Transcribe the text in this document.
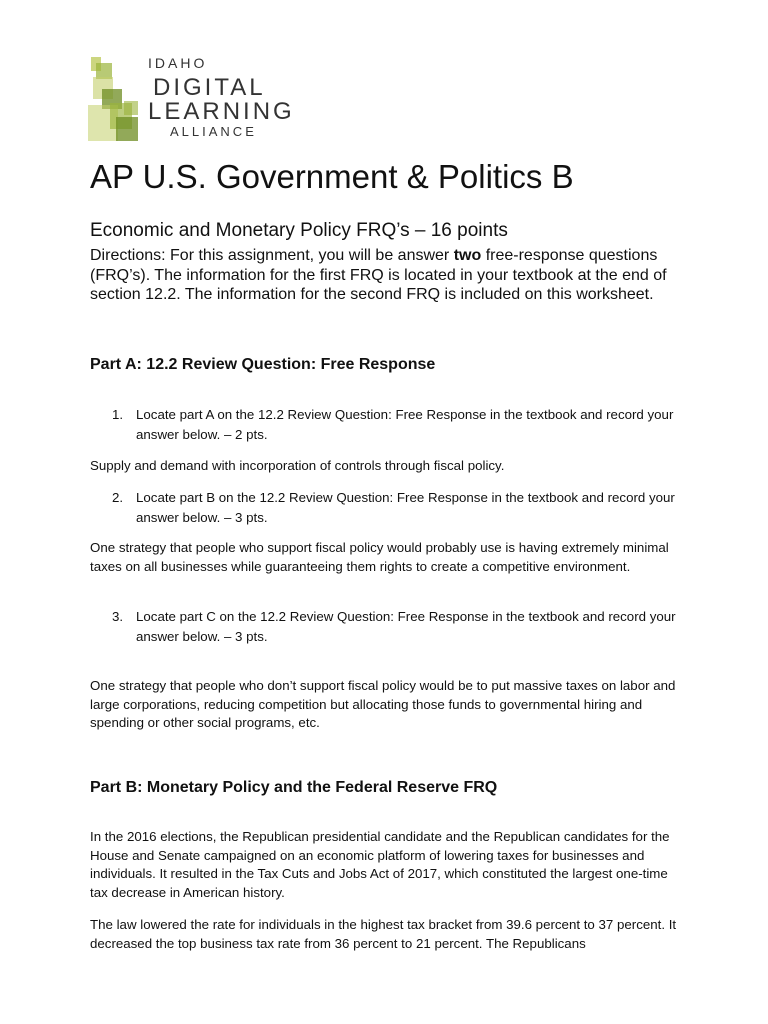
IDAHO
DIGITAL
LEARNING
ALLIANCE
AP U.S. Government & Politics B
Economic and Monetary Policy FRQ’s – 16 points

Directions: For this assignment, you will be answer two free-response questions (FRQ’s). The information for the first FRQ is located in your textbook at the end of section 12.2. The information for the second FRQ is included on this worksheet.

Part A: 12.2 Review Question: Free Response
1. Locate part A on the 12.2 Review Question: Free Response in the textbook and record your answer below. – 2 pts.

Supply and demand with incorporation of controls through fiscal policy.

2. Locate part B on the 12.2 Review Question: Free Response in the textbook and record your answer below. – 3 pts.

One strategy that people who support fiscal policy would probably use is having extremely minimal taxes on all businesses while guaranteeing them rights to create a competitive environment.

3. Locate part C on the 12.2 Review Question: Free Response in the textbook and record your answer below. – 3 pts.

One strategy that people who don’t support fiscal policy would be to put massive taxes on labor and large corporations, reducing competition but allocating those funds to governmental hiring and spending or other social programs, etc.

Part B: Monetary Policy and the Federal Reserve FRQ

In the 2016 elections, the Republican presidential candidate and the Republican candidates for the House and Senate campaigned on an economic platform of lowering taxes for businesses and individuals. It resulted in the Tax Cuts and Jobs Act of 2017, which constituted the largest one-time tax decrease in American history.

The law lowered the rate for individuals in the highest tax bracket from 39.6 percent to 37 percent. It decreased the top business tax rate from 36 percent to 21 percent. The Republicans
